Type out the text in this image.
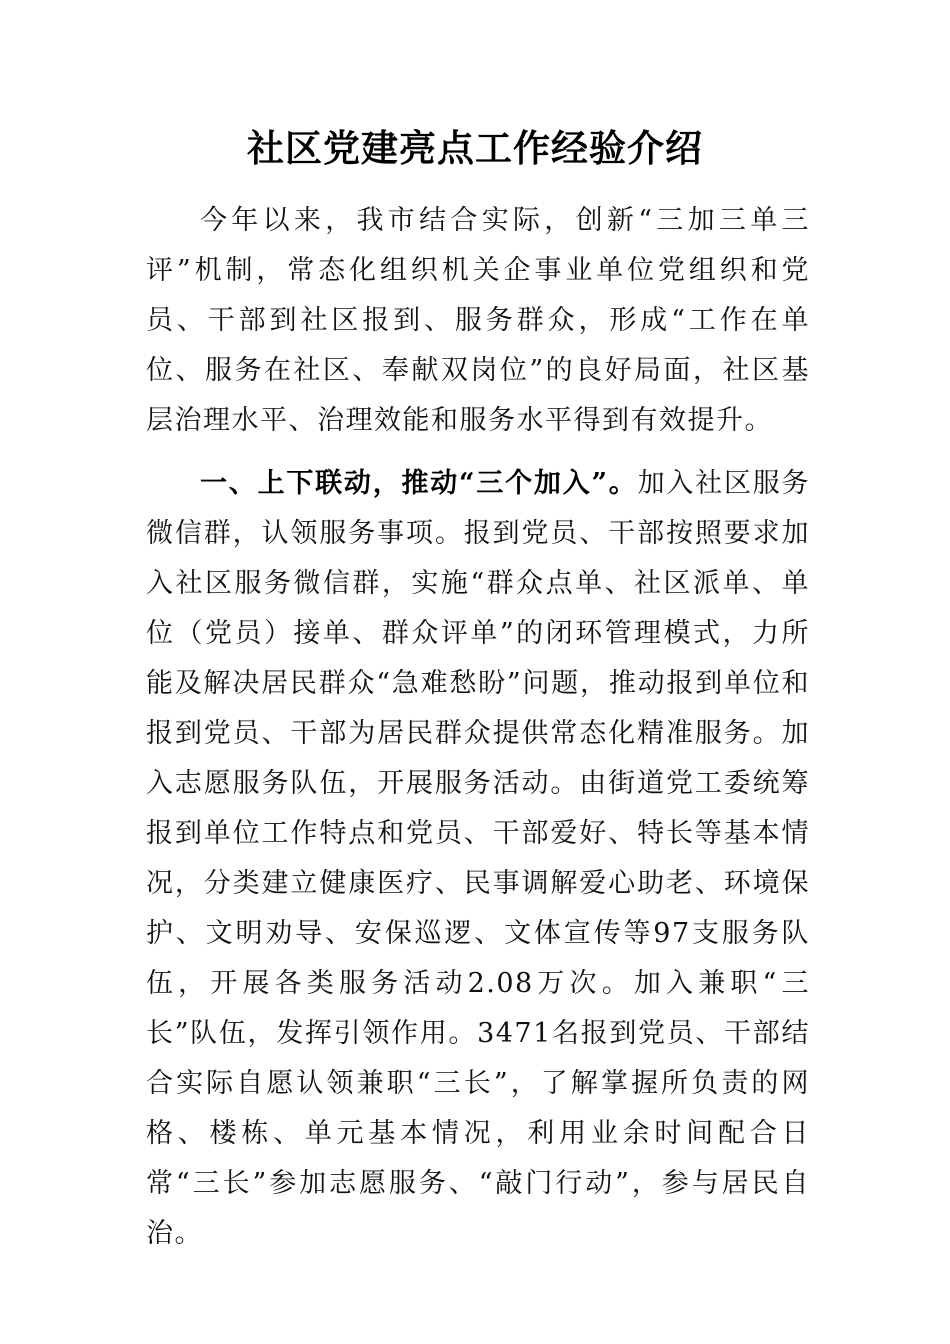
社区党建亮点工作经验介绍

今年以来，我市结合实际，创新“三加三单三评”机制，常态化组织机关企事业单位党组织和党员、干部到社区报到、服务群众，形成“工作在单位、服务在社区、奉献双岗位”的良好局面，社区基层治理水平、治理效能和服务水平得到有效提升。

一、上下联动，推动“三个加入”。加入社区服务微信群，认领服务事项。报到党员、干部按照要求加入社区服务微信群，实施“群众点单、社区派单、单位（党员）接单、群众评单”的闭环管理模式，力所能及解决居民群众“急难愁盼”问题，推动报到单位和报到党员、干部为居民群众提供常态化精准服务。加入志愿服务队伍，开展服务活动。由街道党工委统筹报到单位工作特点和党员、干部爱好、特长等基本情况，分类建立健康医疗、民事调解爱心助老、环境保护、文明劝导、安保巡逻、文体宣传等97支服务队伍，开展各类服务活动2.08万次。加入兼职“三长”队伍，发挥引领作用。3471名报到党员、干部结合实际自愿认领兼职“三长”，了解掌握所负责的网格、楼栋、单元基本情况，利用业余时间配合日常“三长”参加志愿服务、“敲门行动”，参与居民自治。
